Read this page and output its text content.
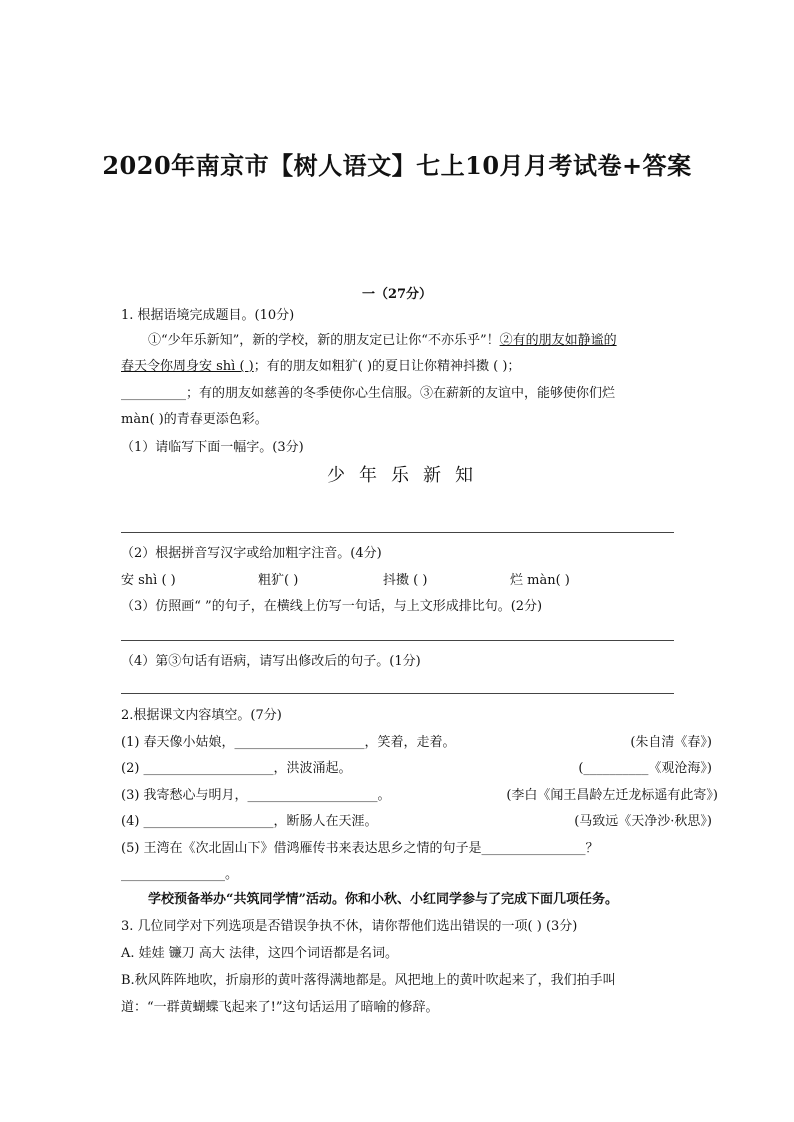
2020年南京市【树人语文】七上10月月考试卷+答案
一（27分）
1. 根据语境完成题目。(10分)
①“少年乐新知”，新的学校，新的朋友定已让你“不亦乐乎”！②有的朋友如静谧的
春天令你周身安 shì ( )；有的朋友如粗犷( )的夏日让你精神抖擞 ( )；
__________；有的朋友如慈善的冬季使你心生信服。③在薪新的友谊中，能够使你们烂
màn( )的青春更添色彩。
（1）请临写下面一幅字。(3分)
少年乐新知
（2）根据拼音写汉字或给加粗字注音。(4分)
安 shì ( )	粗犷( )	抖擞 ( )	烂 màn( )
（3）仿照画“ ”的句子，在横线上仿写一句话，与上文形成排比句。(2分)
（4）第③句话有语病，请写出修改后的句子。(1分)
2.根据课文内容填空。(7分)
(1) 春天像小姑娘，____________________，笑着，走着。	(朱自清《春》)
(2) ____________________，洪波涌起。	(__________《观沧海》)
(3) 我寄愁心与明月，____________________。	(李白《闻王昌龄左迁龙标遥有此寄》)
(4) ____________________，断肠人在天涯。	(马致远《天净沙·秋思》)
(5) 王湾在《次北固山下》借鸿雁传书来表达思乡之情的句子是________________？
________________。
学校预备举办“共筑同学情”活动。你和小秋、小红同学参与了完成下面几项任务。
3. 几位同学对下列选项是否错误争执不休，请你帮他们选出错误的一项( ) (3分)
A. 娃娃 镰刀 高大 法律，这四个词语都是名词。
B.秋风阵阵地吹，折扇形的黄叶落得满地都是。风把地上的黄叶吹起来了，我们拍手叫
道：“一群黄蝴蝶飞起来了!”这句话运用了暗喻的修辞。
